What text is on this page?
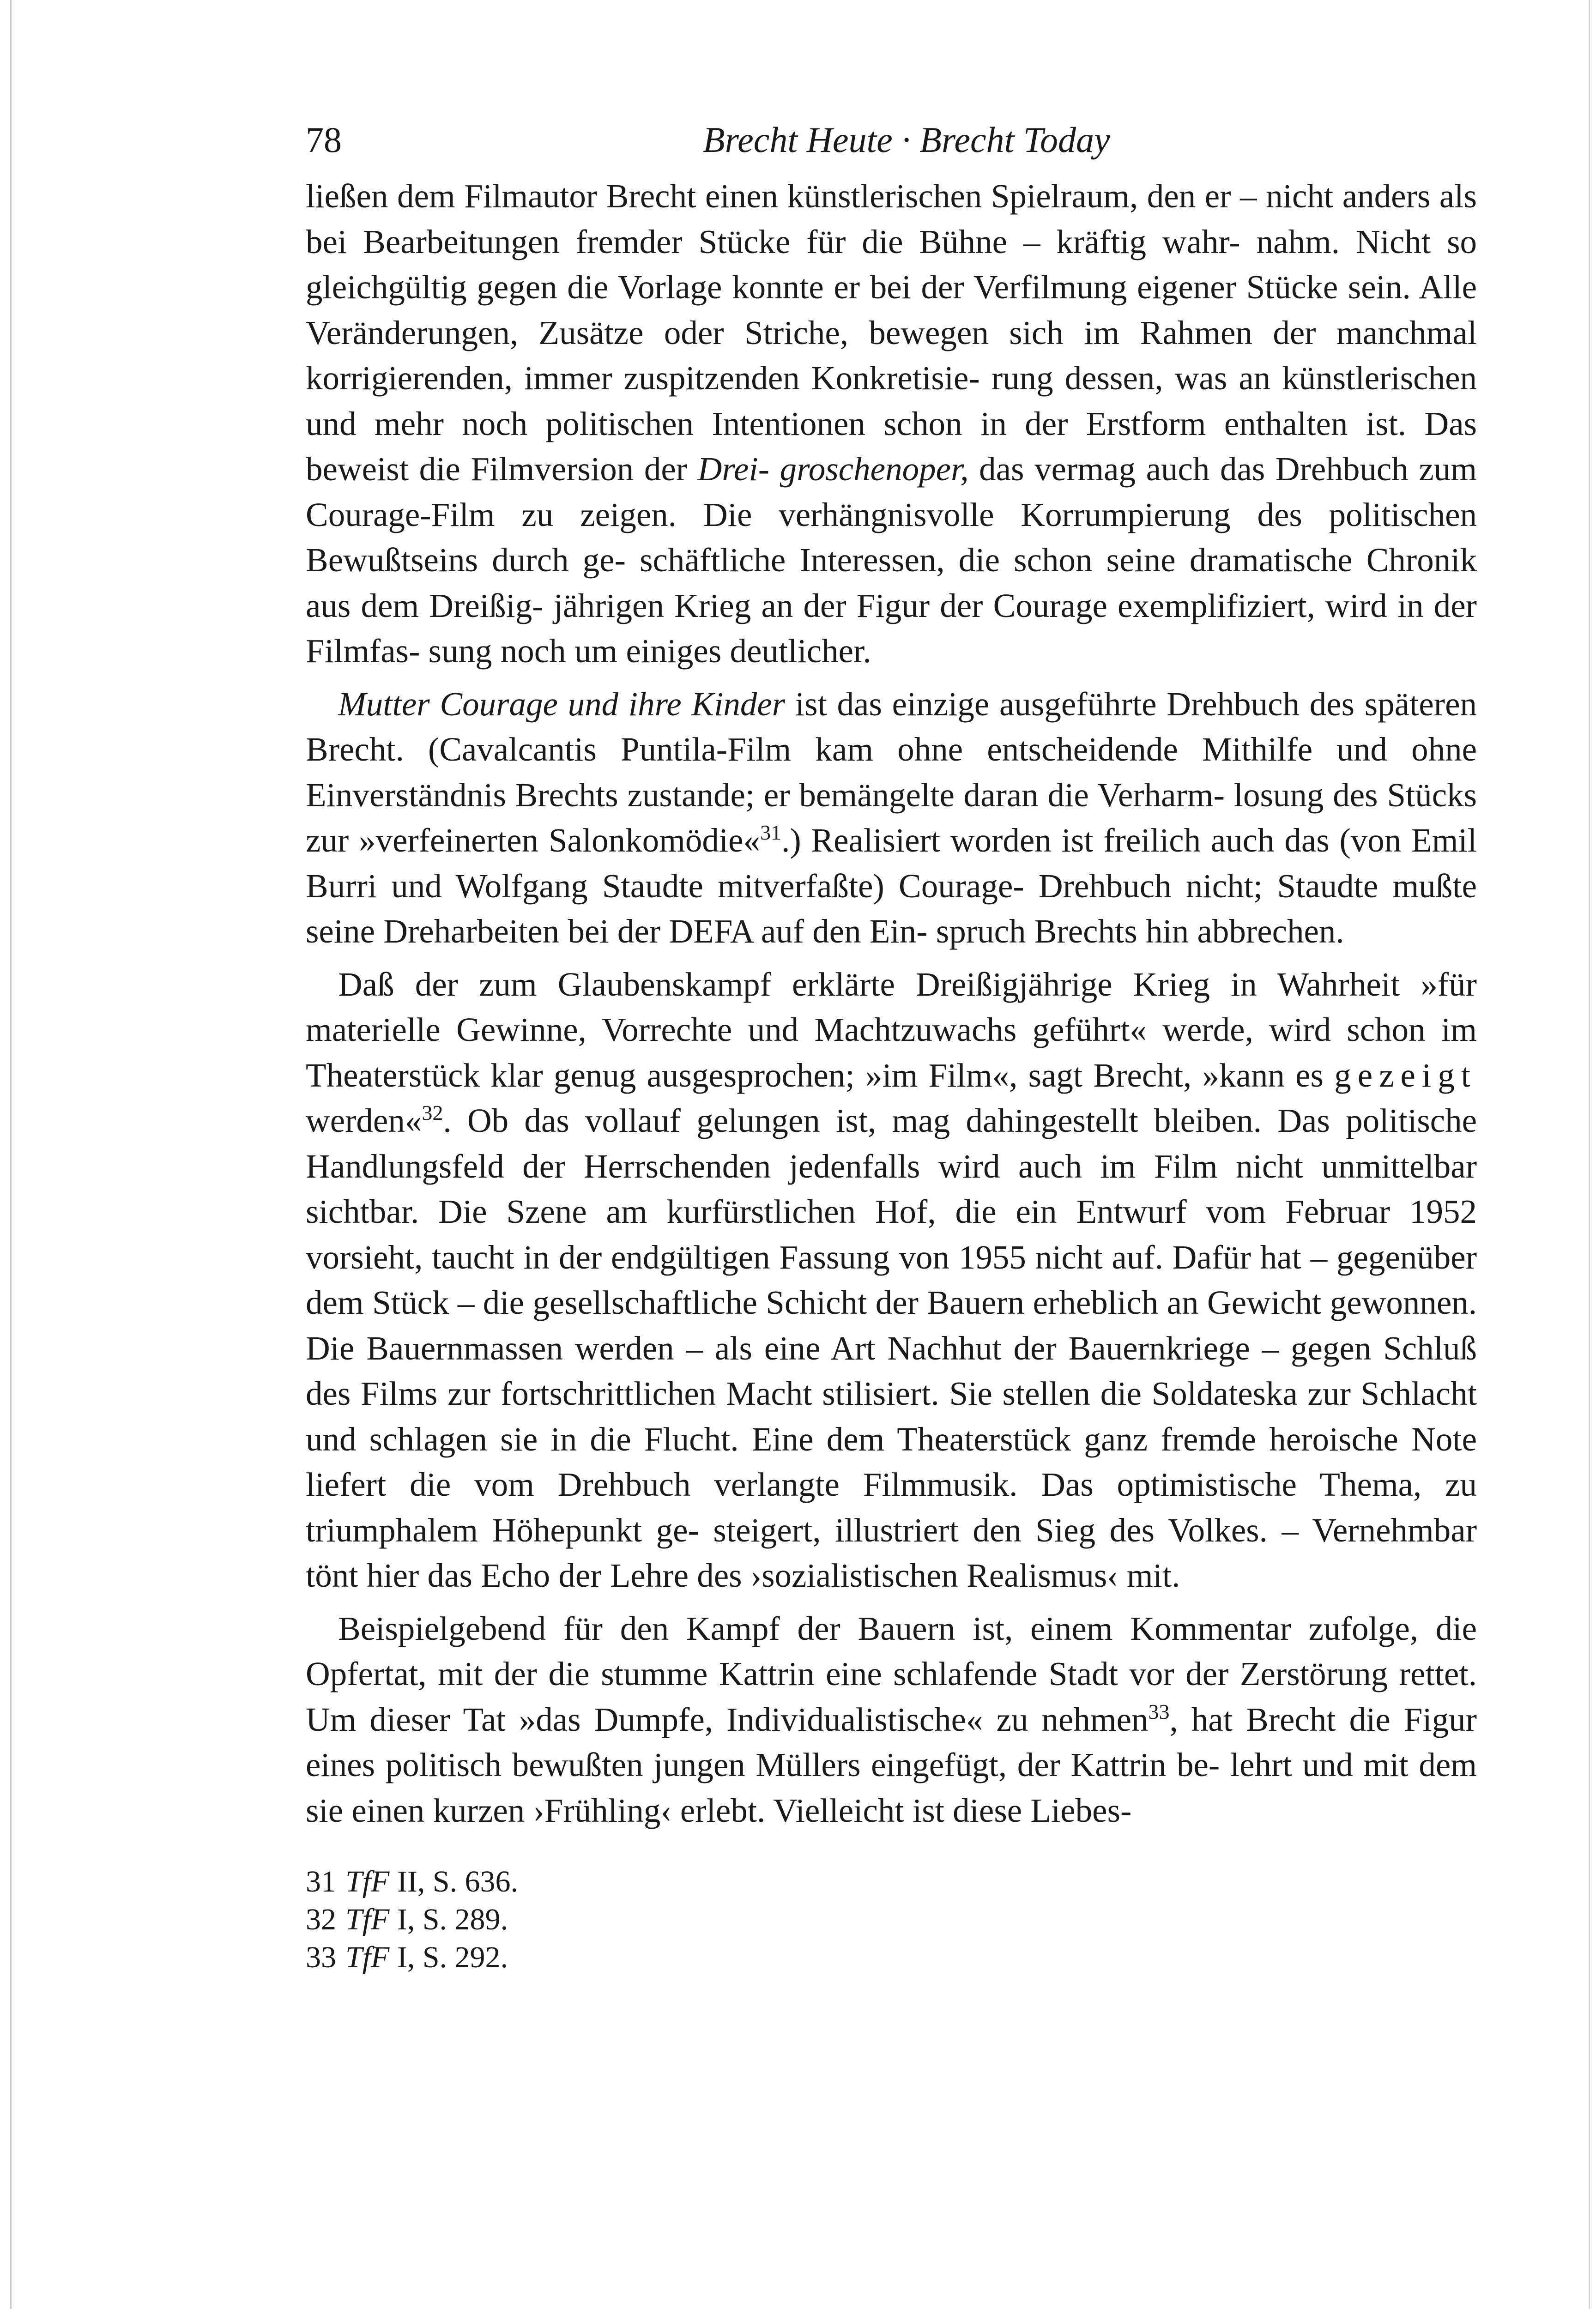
78	Brecht Heute · Brecht Today

ließen dem Filmautor Brecht einen künstlerischen Spielraum, den er – nicht anders als bei Bearbeitungen fremder Stücke für die Bühne – kräftig wahr- nahm. Nicht so gleichgültig gegen die Vorlage konnte er bei der Verfilmung eigener Stücke sein. Alle Veränderungen, Zusätze oder Striche, bewegen sich im Rahmen der manchmal korrigierenden, immer zuspitzenden Konkretisie- rung dessen, was an künstlerischen und mehr noch politischen Intentionen schon in der Erstform enthalten ist. Das beweist die Filmversion der Drei- groschenoper, das vermag auch das Drehbuch zum Courage-Film zu zeigen. Die verhängnisvolle Korrumpierung des politischen Bewußtseins durch ge- schäftliche Interessen, die schon seine dramatische Chronik aus dem Dreißig- jährigen Krieg an der Figur der Courage exemplifiziert, wird in der Filmfas- sung noch um einiges deutlicher.

Mutter Courage und ihre Kinder ist das einzige ausgeführte Drehbuch des späteren Brecht. (Cavalcantis Puntila-Film kam ohne entscheidende Mithilfe und ohne Einverständnis Brechts zustande; er bemängelte daran die Verharm- losung des Stücks zur »verfeinerten Salonkomödie«$^{31}$.) Realisiert worden ist freilich auch das (von Emil Burri und Wolfgang Staudte mitverfaßte) Courage- Drehbuch nicht; Staudte mußte seine Dreharbeiten bei der DEFA auf den Ein- spruch Brechts hin abbrechen.

Daß der zum Glaubenskampf erklärte Dreißigjährige Krieg in Wahrheit »für materielle Gewinne, Vorrechte und Machtzuwachs geführt« werde, wird schon im Theaterstück klar genug ausgesprochen; »im Film«, sagt Brecht, »kann es gezeigt werden«$^{32}$. Ob das vollauf gelungen ist, mag dahingestellt bleiben. Das politische Handlungsfeld der Herrschenden jedenfalls wird auch im Film nicht unmittelbar sichtbar. Die Szene am kurfürstlichen Hof, die ein Entwurf vom Februar 1952 vorsieht, taucht in der endgültigen Fassung von 1955 nicht auf. Dafür hat – gegenüber dem Stück – die gesellschaftliche Schicht der Bauern erheblich an Gewicht gewonnen. Die Bauernmassen werden – als eine Art Nachhut der Bauernkriege – gegen Schluß des Films zur fortschrittlichen Macht stilisiert. Sie stellen die Soldateska zur Schlacht und schlagen sie in die Flucht. Eine dem Theaterstück ganz fremde heroische Note liefert die vom Drehbuch verlangte Filmmusik. Das optimistische Thema, zu triumphalem Höhepunkt ge- steigert, illustriert den Sieg des Volkes. – Vernehmbar tönt hier das Echo der Lehre des ›sozialistischen Realismus‹ mit.

Beispielgebend für den Kampf der Bauern ist, einem Kommentar zufolge, die Opfertat, mit der die stumme Kattrin eine schlafende Stadt vor der Zerstörung rettet. Um dieser Tat »das Dumpfe, Individualistische« zu nehmen$^{33}$, hat Brecht die Figur eines politisch bewußten jungen Müllers eingefügt, der Kattrin be- lehrt und mit dem sie einen kurzen ›Frühling‹ erlebt. Vielleicht ist diese Liebes-

31 TfF II, S. 636.
32 TfF I, S. 289.
33 TfF I, S. 292.
